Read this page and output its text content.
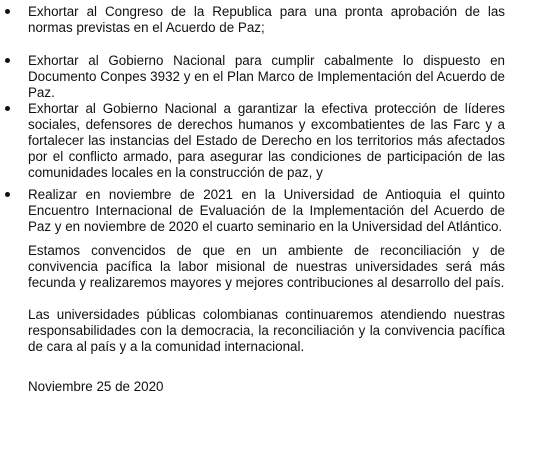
Exhortar al Congreso de la Republica para una pronta aprobación de las normas previstas en el Acuerdo de Paz;

Exhortar al Gobierno Nacional para cumplir cabalmente lo dispuesto en Documento Conpes 3932 y en el Plan Marco de Implementación del Acuerdo de Paz.

Exhortar al Gobierno Nacional a garantizar la efectiva protección de líderes sociales, defensores de derechos humanos y excombatientes de las Farc y a fortalecer las instancias del Estado de Derecho en los territorios más afectados por el conflicto armado, para asegurar las condiciones de participación de las comunidades locales en la construcción de paz, y

Realizar en noviembre de 2021 en la Universidad de Antioquia el quinto Encuentro Internacional de Evaluación de la Implementación del Acuerdo de Paz y en noviembre de 2020 el cuarto seminario en la Universidad del Atlántico.

Estamos convencidos de que en un ambiente de reconciliación y de convivencia pacífica la labor misional de nuestras universidades será más fecunda y realizaremos mayores y mejores contribuciones al desarrollo del país.

Las universidades públicas colombianas continuaremos atendiendo nuestras responsabilidades con la democracia, la reconciliación y la convivencia pacífica de cara al país y a la comunidad internacional.

Noviembre 25 de 2020
